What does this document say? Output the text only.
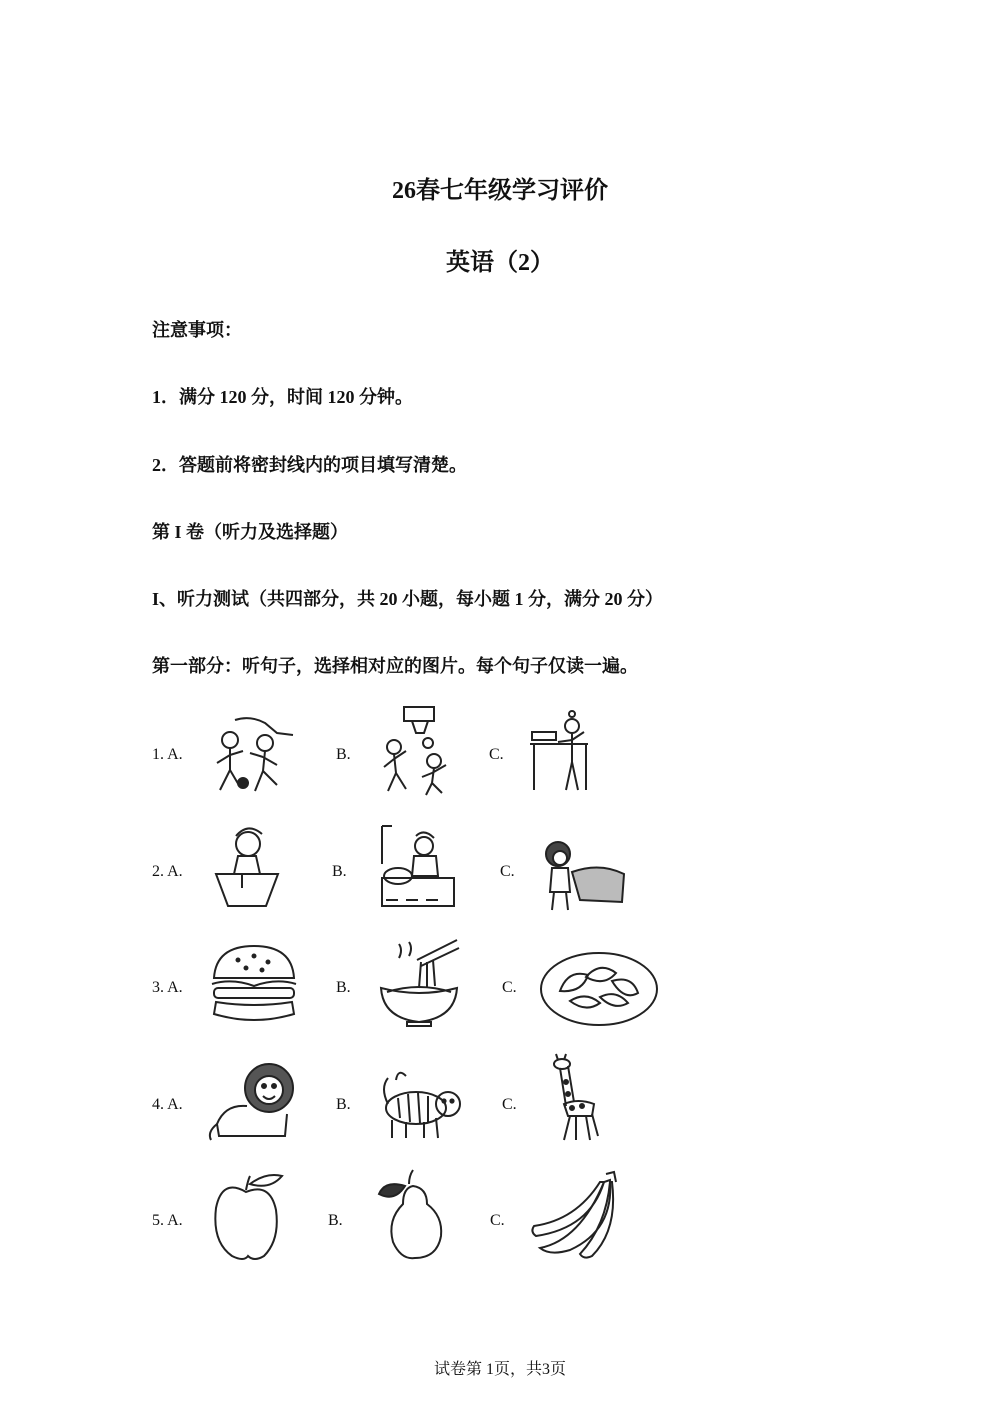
26春七年级学习评价
英语（2）
注意事项：
1．满分 120 分，时间 120 分钟。
2．答题前将密封线内的项目填写清楚。
第 I 卷（听力及选择题）
I、听力测试（共四部分，共 20 小题，每小题 1 分，满分 20 分）
第一部分：听句子，选择相对应的图片。每个句子仅读一遍。
1. A.	B.	C.
2. A.	B.	C.
3. A.	B.	C.
4. A.	B.	C.
5. A.	B.	C.
试卷第 1页，共3页
